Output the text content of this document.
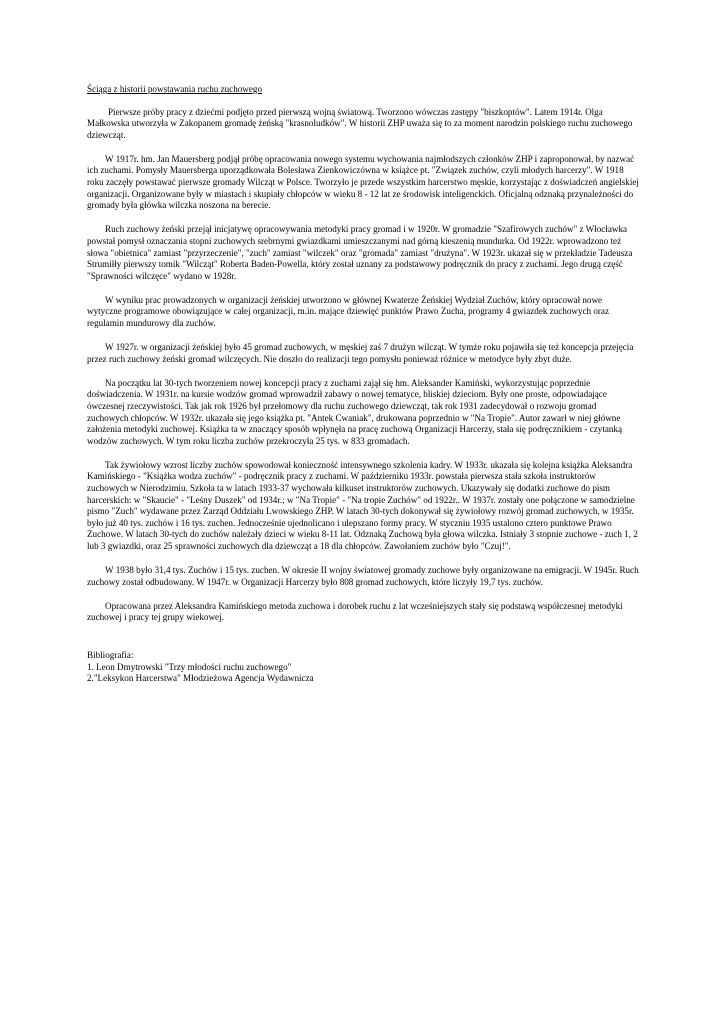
Ściąga z historii powstawania ruchu zuchowego

Pierwsze próby pracy z dziećmi podjęto przed pierwszą wojną światową. Tworzono wówczas zastępy "biszkoptów". Latem 1914r. Olga Małkowska utworzyła w Zakopanem gromadę żeńską "krasnoludków". W historii ZHP uważa się to za moment narodzin polskiego ruchu zuchowego dziewcząt.

W 1917r. hm. Jan Mauersberg podjął próbę opracowania nowego systemu wychowania najmłodszych członków ZHP i zaproponował, by nazwać ich zuchami. Pomysły Mauersberga uporządkowała Bolesława Zienkowiczówna w książce pt. "Związek zuchów, czyli młodych harcerzy". W 1918 roku zaczęły powstawać pierwsze gromady Wilcząt w Polsce. Tworzyło je przede wszystkim harcerstwo męskie, korzystając z doświadczeń angielskiej organizacji. Organizowane były w miastach i skupiały chłopców w wieku 8 - 12 lat ze środowisk inteligenckich. Oficjalną odznaką przynależności do gromady była główka wilczka noszona na berecie.

Ruch zuchowy żeński przejął inicjatywę opracowywania metodyki pracy gromad i w 1920r. W gromadzie "Szafirowych zuchów" z Włocławka powstał pomysł oznaczania stopni zuchowych srebrnymi gwiazdkami umieszczanymi nad górną kieszenią mundurka. Od 1922r. wprowadzono też słowa "obietnica" zamiast "przyrzeczenie", "zuch" zamiast "wilczek" oraz "gromada" zamiast "drużyna". W 1923r. ukazał się w przekładzie Tadeusza Strumiłły pierwszy tomik "Wilcząt" Roberta Baden-Powella, który został uznany za podstawowy podręcznik do pracy z zuchami. Jego drugą część "Sprawności wilczęce" wydano w 1928r.

W wyniku prac prowadzonych w organizacji żeńskiej utworzono w głównej Kwaterze Żeńskiej Wydział Zuchów, który opracował nowe wytyczne programowe obowiązujące w całej organizacji, m.in. mające dziewięć punktów Prawo Zucha, programy 4 gwiazdek zuchowych oraz regulamin mundurowy dla zuchów.

W 1927r. w organizacji żeńskiej było 45 gromad zuchowych, w męskiej zaś 7 drużyn wilcząt. W tymże roku pojawiła się też koncepcja przejęcia przez ruch zuchowy żeński gromad wilczęcych. Nie doszło do realizacji tego pomysłu ponieważ różnice w metodyce były zbyt duże.

Na początku lat 30-tych tworzeniem nowej koncepcji pracy z zuchami zajął się hm. Aleksander Kamiński, wykorzystując poprzednie doświadczenia. W 1931r. na kursie wodzów gromad wprowadził zabawy o nowej tematyce, bliskiej dzieciom. Były one proste, odpowiadające ówczesnej rzeczywistości. Tak jak rok 1926 był przełomowy dla ruchu zuchowego dziewcząt, tak rok 1931 zadecydował o rozwoju gromad zuchowych chłopców. W 1932r. ukazała się jego książka pt. "Antek Cwaniak", drukowana poprzednio w "Na Tropie". Autor zawarł w niej główne założenia metodyki zuchowej. Książka ta w znaczący sposób wpłynęła na pracę zuchową Organizacji Harcerzy, stała się podręcznikiem - czytanką wodzów zuchowych. W tym roku liczba zuchów przekroczyła 25 tys. w 833 gromadach.

Tak żywiołowy wzrost liczby zuchów spowodował konieczność intensywnego szkolenia kadry. W 1933r. ukazała się kolejna książka Aleksandra Kamińskiego - "Książka wodza zuchów" - podręcznik pracy z zuchami. W październiku 1933r. powstała pierwsza stała szkoła instruktorów zuchowych w Nierodzimiu. Szkoła ta w latach 1933-37 wychowała kilkuset instruktorów zuchowych. Ukazywały się dodatki zuchowe do pism harcerskich: w "Skaucie" - "Leśny Duszek" od 1934r.; w "Na Tropie" - "Na tropie Zuchów" od 1922r.. W 1937r. zostały one połączone w samodzielne pismo "Zuch" wydawane przez Zarząd Oddziału Lwowskiego ZHP. W latach 30-tych dokonywał się żywiołowy rozwój gromad zuchowych, w 1935r. było już 40 tys. zuchów i 16 tys. zuchen. Jednocześnie ujednolicano i ulepszano formy pracy. W styczniu 1935 ustalono cztero punktowe Prawo Zuchowe. W latach 30-tych do zuchów należały dzieci w wieku 8-11 lat. Odznaką Zuchową była głowa wilczka. Istniały 3 stopnie zuchowe - zuch 1, 2 lub 3 gwiazdki, oraz 25 sprawności zuchowych dla dziewcząt a 18 dla chłopców. Zawołaniem zuchów było "Czuj!".

W 1938 było 31,4 tys. Zuchów i 15 tys. zuchen. W okresie II wojny światowej gromady zuchowe były organizowane na emigracji. W 1945r. Ruch zuchowy został odbudowany. W 1947r. w Organizacji Harcerzy było 808 gromad zuchowych, które liczyły 19,7 tys. zuchów.

Opracowana przez Aleksandra Kamińskiego metoda zuchowa i dorobek ruchu z lat wcześniejszych stały się podstawą współczesnej metodyki zuchowej i pracy tej grupy wiekowej.

Bibliografia:
1. Leon Dmytrowski "Trzy młodości ruchu zuchowego"
2."Leksykon Harcerstwa" Młodzieżowa Agencja Wydawnicza
